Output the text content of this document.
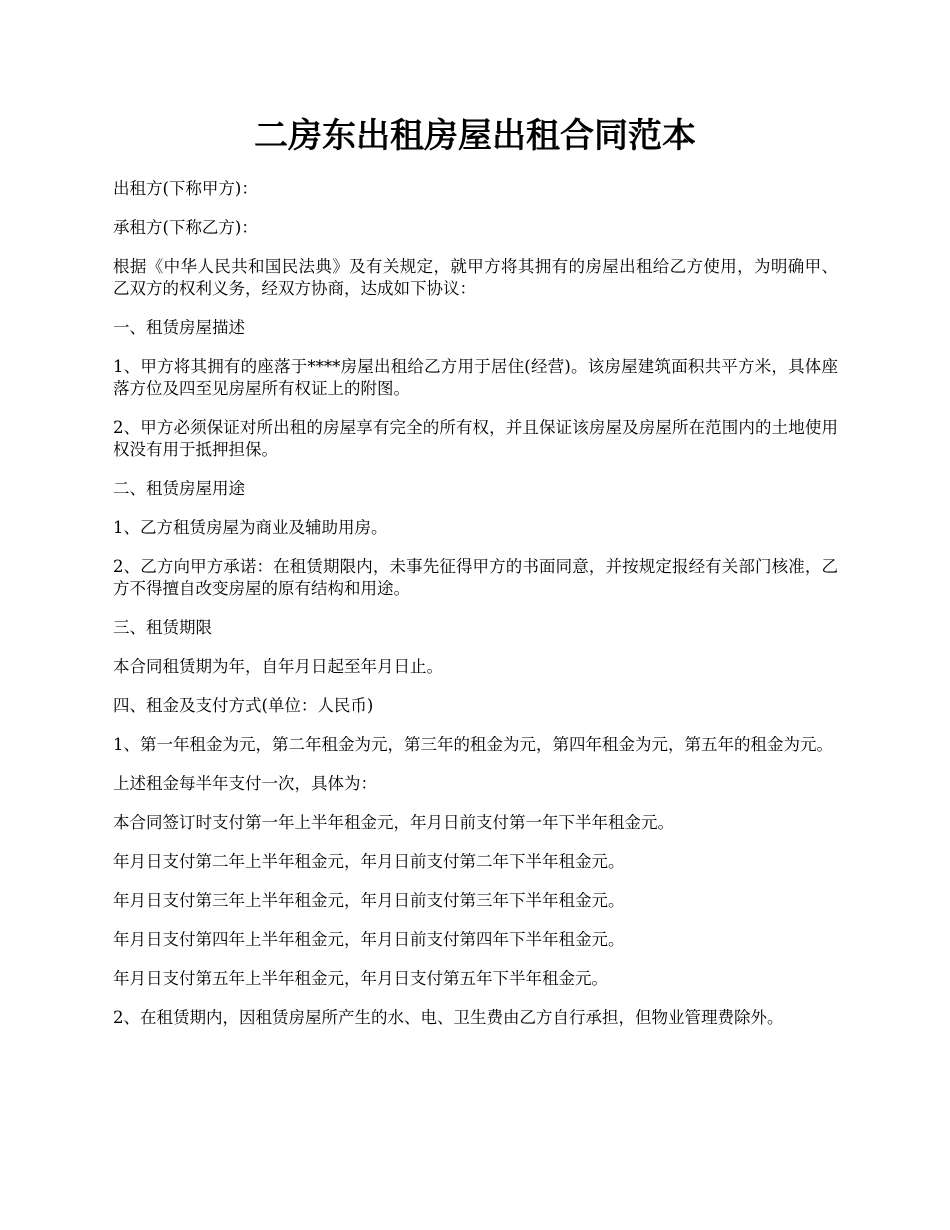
二房东出租房屋出租合同范本

出租方(下称甲方)：

承租方(下称乙方)：

根据《中华人民共和国民法典》及有关规定，就甲方将其拥有的房屋出租给乙方使用，为明确甲、乙双方的权利义务，经双方协商，达成如下协议：

一、租赁房屋描述

1、甲方将其拥有的座落于****房屋出租给乙方用于居住(经营)。该房屋建筑面积共平方米，具体座落方位及四至见房屋所有权证上的附图。

2、甲方必须保证对所出租的房屋享有完全的所有权，并且保证该房屋及房屋所在范围内的土地使用权没有用于抵押担保。

二、租赁房屋用途

1、乙方租赁房屋为商业及辅助用房。

2、乙方向甲方承诺：在租赁期限内，未事先征得甲方的书面同意，并按规定报经有关部门核准，乙方不得擅自改变房屋的原有结构和用途。

三、租赁期限

本合同租赁期为年，自年月日起至年月日止。

四、租金及支付方式(单位：人民币)

1、第一年租金为元，第二年租金为元，第三年的租金为元，第四年租金为元，第五年的租金为元。

上述租金每半年支付一次，具体为：

本合同签订时支付第一年上半年租金元，年月日前支付第一年下半年租金元。

年月日支付第二年上半年租金元，年月日前支付第二年下半年租金元。

年月日支付第三年上半年租金元，年月日前支付第三年下半年租金元。

年月日支付第四年上半年租金元，年月日前支付第四年下半年租金元。

年月日支付第五年上半年租金元，年月日支付第五年下半年租金元。

2、在租赁期内，因租赁房屋所产生的水、电、卫生费由乙方自行承担，但物业管理费除外。
